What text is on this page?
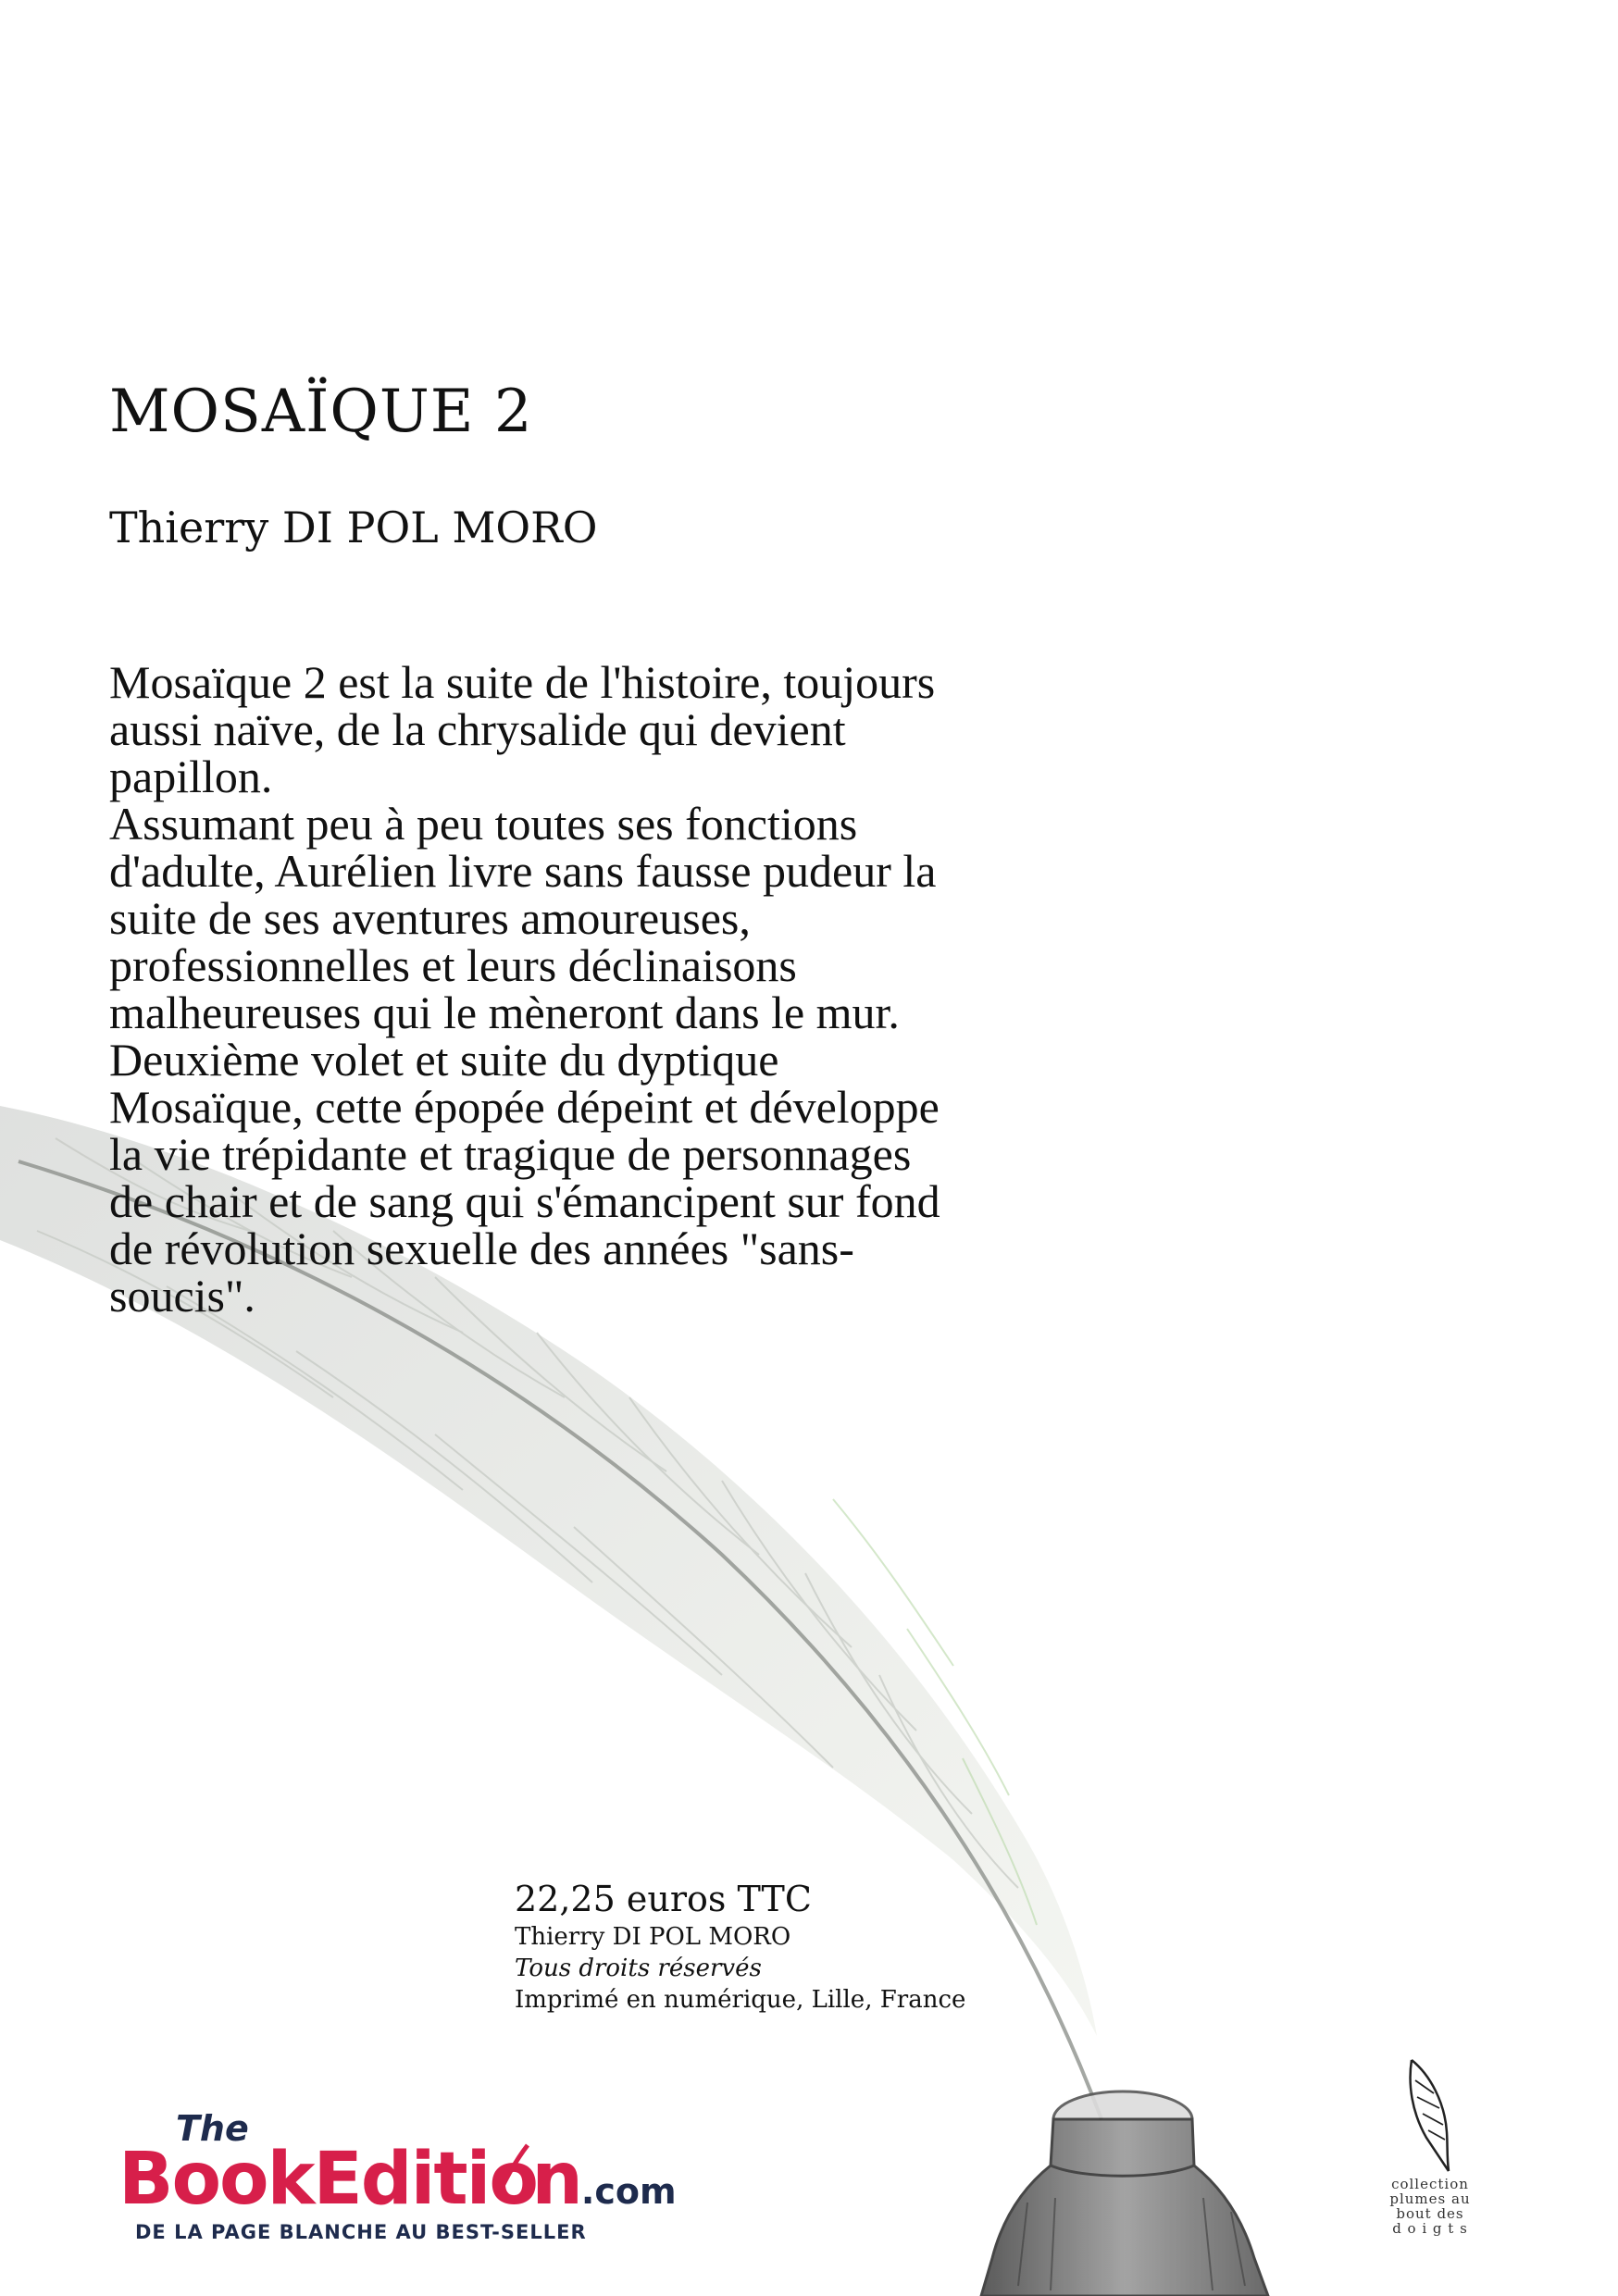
MOSAÏQUE 2
Thierry DI POL MORO

Mosaïque 2 est la suite de l'histoire, toujours

aussi naïve, de la chrysalide qui devient

papillon.

Assumant peu à peu toutes ses fonctions

d'adulte, Aurélien livre sans fausse pudeur la

suite de ses aventures amoureuses,

professionnelles et leurs déclinaisons

malheureuses qui le mèneront dans le mur.

Deuxième volet et suite du dyptique

Mosaïque, cette épopée dépeint et développe

la vie trépidante et tragique de personnages

de chair et de sang qui s'émancipent sur fond

de révolution sexuelle des années "sans-

soucis".

22,25 euros TTC
Thierry DI POL MORO
Tous droits réservés
Imprimé en numérique, Lille, France
The
BookEditio
n.com
DE LA PAGE BLANCHE AU BEST-SELLER
collection
plumes au
bout des
d o i g t s
